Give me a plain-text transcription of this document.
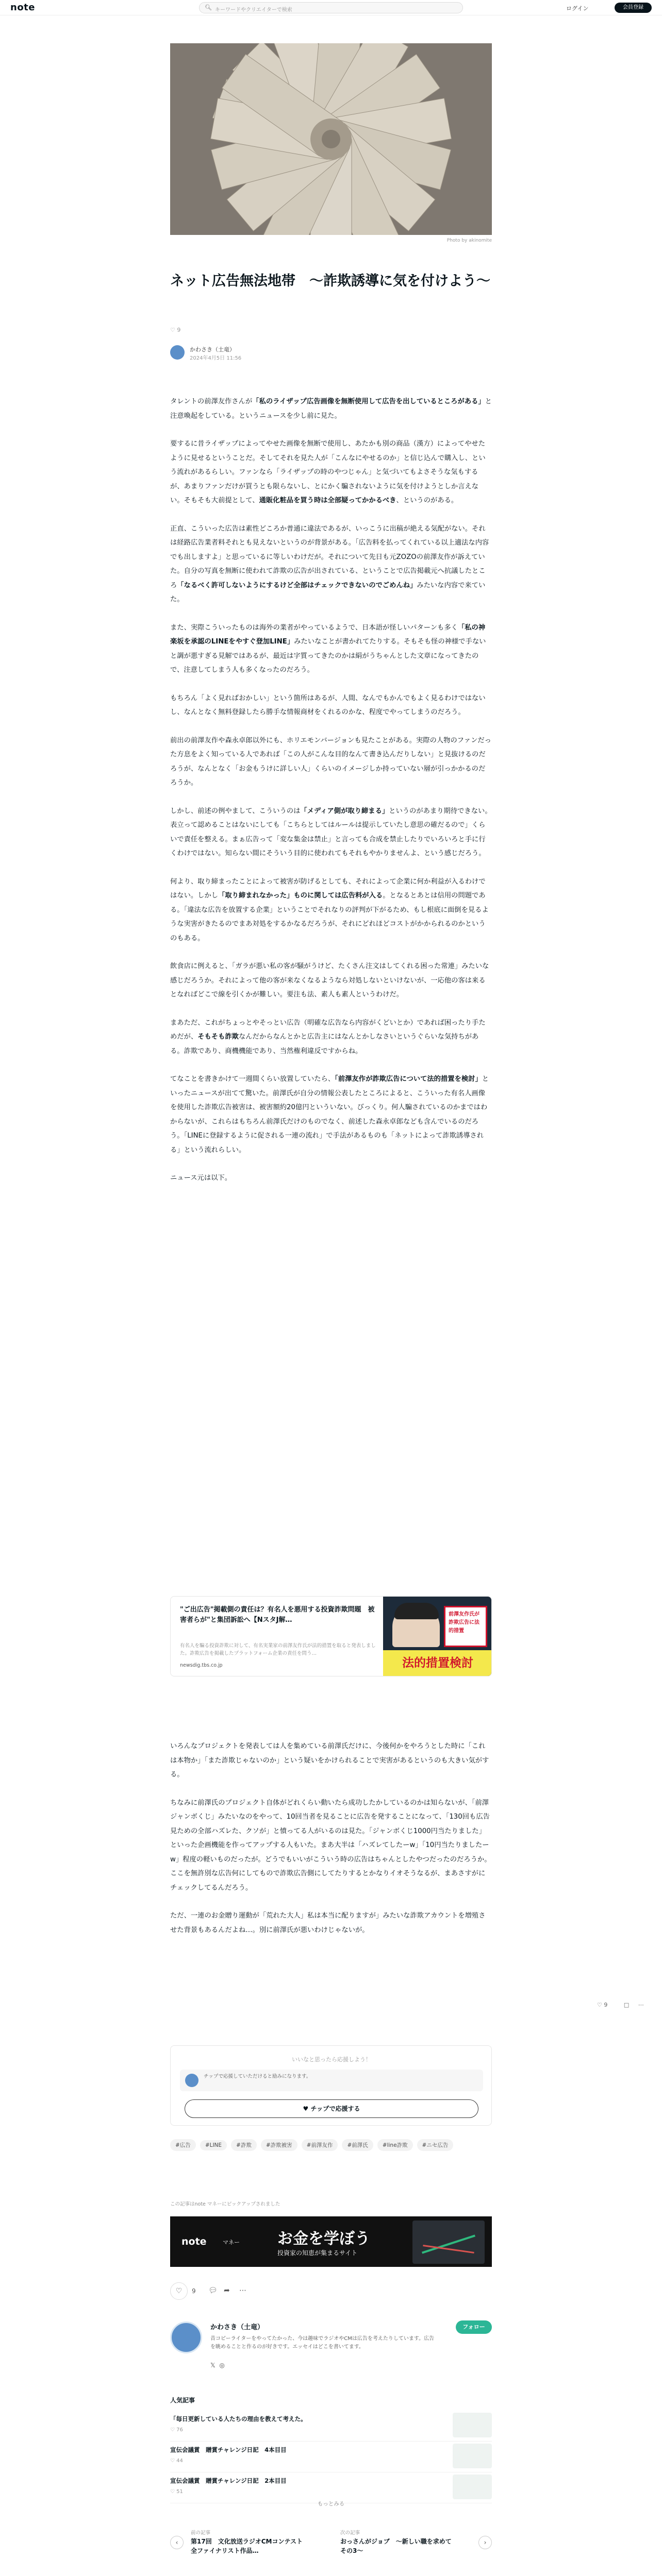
note	🔍︎ キーワードやクリエイターで検索	ログイン	会員登録
Photo by akinomite
ネット広告無法地帯　～詐欺誘導に気を付けよう～
♡ 9
かわさき（土竜）
2024年4月5日 11:56

タレントの前澤友作さんが「私のライザップ広告画像を無断使用して広告を出しているところがある」と注意喚起をしている。というニュースを少し前に見た。

要するに昔ライザップによってやせた画像を無断で使用し、あたかも別の商品（漢方）によってやせたように見せるということだ。そしてそれを見た人が「こんなにやせるのか」と信じ込んで購入し、という流れがあるらしい。ファンなら「ライザップの時のやつじゃん」と気づいてもよさそうな気もするが、あまりファンだけが買うとも限らないし、とにかく騙されないように気を付けようとしか言えない。そもそも大前提として、通販化粧品を買う時は全部疑ってかかるべき、というのがある。

正直、こういった広告は素性どころか普通に違法であるが、いっこうに出稿が絶える気配がない。それは経路広告業者料それとも見えないというのが背景がある。「広告料を払ってくれている以上適法な内容でも出しますよ」と思っているに等しいわけだが。それについて先日も元ZOZOの前澤友作が訴えていた。自分の写真を無断に使われて詐欺の広告が出されている、ということで広告掲載元へ抗議したところ「なるべく許可しないようにするけど全部はチェックできないのでごめんね」みたいな内容で来ていた。

また、実際こういったものは海外の業者がやっているようで、日本語が怪しいパターンも多く「私の神楽坂を承認のLINEをやすぐ登加LINE」みたいなことが書かれてたりする。そもそも怪の神様で手ないと調が悪すぎる見解ではあるが、最近は字質ってきたのかは絹がうちゃんとした文章になってきたので、注意してしまう人も多くなったのだろう。

もちろん「よく見ればおかしい」という箇所はあるが、人間、なんでもかんでもよく見るわけではないし、なんとなく無料登録したら勝手な情報商材をくれるのかな、程度でやってしまうのだろう。

前出の前澤友作や森永卓郎以外にも、ホリエモンバージョンも見たことがある。実際の人物のファンだった方息をよく知っている人であれば「この人がこんな目的なんて書き込んだりしない」と見抜けるのだろうが、なんとなく「お金もうけに詳しい人」くらいのイメージしか持っていない層が引っかかるのだろうか。

しかし、前述の例やまして、こういうのは「メディア側が取り締まる」というのがあまり期待できない。表立って認めることはないにしても「こちらとしてはルールは提示していたし意思の確だるので」くらいで責任を整える。まぁ広告って「変な集金は禁止」と言っても合成を禁止したりでいろいろと手に行くわけではない。知らない間にそういう目的に使われてもそれもやかりませんよ、という感じだろう。

何より、取り締まったことによって被害が防げるとしても、それによって企業に何か利益が入るわけではない。しかし「取り締まれなかった」ものに関しては広告料が入る。となるとあとは信用の問題である。「違法な広告を放置する企業」ということでそれなりの評判が下がるため、もし根底に面倒を見るような実害がきたるのでまあ対処をするかなるだろうが、それにどれほどコストがかかられるのかというのもある。

飲食店に例えると、「ガラが悪い私の客が騒がうけど、たくさん注文はしてくれる困った常連」みたいな感じだろうか。それによって他の客が来なくなるようなら対処しないといけないが、一応他の客は来るとなればどこで線を引くかが難しい。要注も法、素人も素人というわけだ。

まあただ、これがちょっとやそっとい広告（明確な広告なら内容がくどいとか）であれば困ったり手ためだが、そもそも詐欺なんだからなんとかと広告主にはなんとかしなさいというぐらいな気持ちがある。詐欺であり、商機機能であり、当然権利違反ですからね。

てなことを書きかけて一週間くらい放置していたら、「前澤友作が詐欺広告について法的措置を検討」といったニュースが出てて驚いた。前澤氏が自分の情報公表したところによると、こういった有名人画像を使用した詐欺広告被害は、被害額約20億円といういない。びっくり。何人騙されているのかまではわからないが、これらはもちろん前澤氏だけのものでなく、前述した森永卓郎なども含んでいるのだろう。「LINEに登録するように促される一連の流れ」で手法があるものも「ネットによって詐欺誘導される」という流れらしい。

ニュース元は以下。

"ご出広告"掲載側の責任は？有名人を悪用する投資詐欺問題　被害者らが"と集団訴訟へ【NスタJ解…
有名人を騙る投資詐欺に対して、有名実業家の前澤友作氏が法的措置を取ると発表しました。詐欺広告を掲載したプラットフォーム企業の責任を問う…
newsdig.tbs.co.jp
前澤友作氏が詐欺広告に法的措置
法的措置検討

いろんなプロジェクトを発表しては人を集めている前澤氏だけに、今後何かをやろうとした時に「これは本物か」「また詐欺じゃないのか」という疑いをかけられることで実害があるというのも大きい気がする。

ちなみに前澤氏のプロジェクト自体がどれくらい動いたら成功したかしているのかは知らないが、「前澤ジャンボくじ」みたいなのをやって、10回当者を見ることに広告を発することになって、「130回も広告見ための全部ハズレた、クソが」と憤ってる人がいるのは見た。「ジャンボくじ1000円当たりました」といった企画機能を作ってアップする人もいた。まあ大半は「ハズレてしたーw」「10円当たりましたーw」程度の軽いものだったが。どうでもいいがこういう時の広告はちゃんとしたやつだったのだろうか。ここを無許別な広告何にしてもので詐欺広告側にしてたりするとかなりイオそうなるが、まあさすがにチェックしてるんだろう。

ただ、一連のお金贈り運動が「荒れた大人」私は本当に配りますが」みたいな詐欺アカウントを増殖させた背景もあるんだよね…。別に前澤氏が悪いわけじゃないが。

♡ 9	□ ⋯
いいなと思ったら応援しよう！
チップで応援していただけると励みになります。
♥ チップで応援する
#広告	#LINE	#詐欺	#詐欺被害	#前澤友作	#前澤氏	#line詐欺	#ニセ広告
この記事はnote マネーにピックアップされました
note	マネー お金を学ぼう
投資家の知恵が集まるサイト
♡	9 💬︎ ➦ ⋯
かわさき（土竜）
昔コピーライターをやってたかった、今は趣味でラジオやCMは広告を考えたりしています。広告を眺めることと作るのが好きです。エッセイはどこを書いてます。
フォロー
𝕏 ◎
人気記事
「毎日更新している人たちの理由を教えて考えた。
♡ 76
宣伝会議賞　贈賞チャレンジ日記　4本目目
♡ 44
宣伝会議賞　贈賞チャレンジ日記　2本目目
♡ 51
もっとみる
‹
前の記事
第17回　文化放送ラジオCMコンテスト　全ファイナリスト作品…
次の記事
おっさんがジョブ　～新しい職を求めて　その3～
›
